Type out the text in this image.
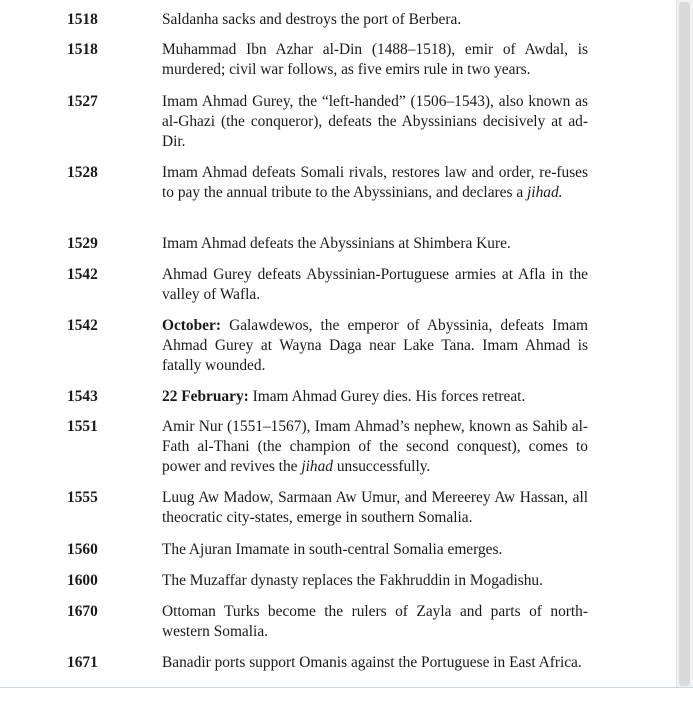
1518	Saldanha sacks and destroys the port of Berbera.
1518	Muhammad Ibn Azhar al-Din (1488–1518), emir of Awdal, is murdered; civil war follows, as five emirs rule in two years.
1527	Imam Ahmad Gurey, the “left-handed” (1506–1543), also known as al-Ghazi (the conqueror), defeats the Abyssinians decisively at ad-Dir.
1528	Imam Ahmad defeats Somali rivals, restores law and order, re-fuses to pay the annual tribute to the Abyssinians, and declares a jihad.
1529	Imam Ahmad defeats the Abyssinians at Shimbera Kure.
1542	Ahmad Gurey defeats Abyssinian-Portuguese armies at Afla in the valley of Wafla.
1542	October: Galawdewos, the emperor of Abyssinia, defeats Imam Ahmad Gurey at Wayna Daga near Lake Tana. Imam Ahmad is fatally wounded.
1543	22 February: Imam Ahmad Gurey dies. His forces retreat.
1551	Amir Nur (1551–1567), Imam Ahmad’s nephew, known as Sahib al-Fath al-Thani (the champion of the second conquest), comes to power and revives the jihad unsuccessfully.
1555	Luug Aw Madow, Sarmaan Aw Umur, and Mereerey Aw Hassan, all theocratic city-states, emerge in southern Somalia.
1560	The Ajuran Imamate in south-central Somalia emerges.
1600	The Muzaffar dynasty replaces the Fakhruddin in Mogadishu.
1670	Ottoman Turks become the rulers of Zayla and parts of north-western Somalia.
1671	Banadir ports support Omanis against the Portuguese in East Africa.
